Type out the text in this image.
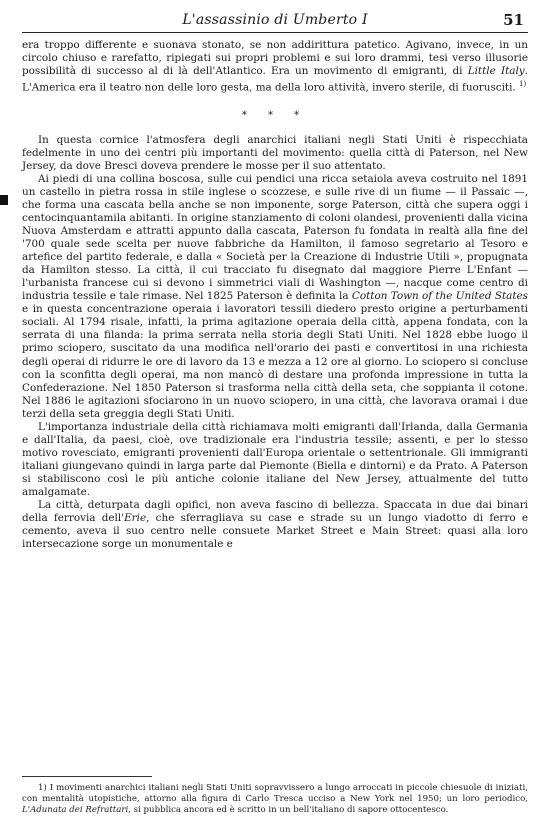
L'assassinio di Umberto I	51

era troppo differente e suonava stonato, se non addirittura patetico. Agivano, invece, in un circolo chiuso e rarefatto, ripiegati sui propri problemi e sui loro drammi, tesi verso illusorie possibilità di successo al di là dell'Atlantico. Era un movimento di emigranti, di Little Italy. L'America era il teatro non delle loro gesta, ma della loro attività, invero sterile, di fuorusciti. $^{1)}$

* * *

In questa cornice l'atmosfera degli anarchici italiani negli Stati Uniti è rispecchiata fedelmente in uno dei centri più importanti del movimento: quella città di Paterson, nel New Jersey, da dove Bresci doveva prendere le mosse per il suo attentato.

Ai piedi di una collina boscosa, sulle cui pendici una ricca setaiola aveva costruito nel 1891 un castello in pietra rossa in stile inglese o scozzese, e sulle rive di un fiume — il Passaic —, che forma una cascata bella anche se non imponente, sorge Paterson, città che supera oggi i centocinquantamila abitanti. In origine stanziamento di coloni olandesi, provenienti dalla vicina Nuova Amsterdam e attratti appunto dalla cascata, Paterson fu fondata in realtà alla fine del '700 quale sede scelta per nuove fabbriche da Hamilton, il famoso segretario al Tesoro e artefice del partito federale, e dalla « Società per la Creazione di Industrie Utili », propugnata da Hamilton stesso. La città, il cui tracciato fu disegnato dal maggiore Pierre L'Enfant — l'urbanista francese cui si devono i simmetrici viali di Washington —, nacque come centro di industria tessile e tale rimase. Nel 1825 Paterson è definita la Cotton Town of the United States e in questa concentrazione operaia i lavoratori tessili diedero presto origine a perturbamenti sociali. Al 1794 risale, infatti, la prima agitazione operaia della città, appena fondata, con la serrata di una filanda: la prima serrata nella storia degli Stati Uniti. Nel 1828 ebbe luogo il primo sciopero, suscitato da una modifica nell'orario dei pasti e convertitosi in una richiesta degli operai di ridurre le ore di lavoro da 13 e mezza a 12 ore al giorno. Lo sciopero si concluse con la sconfitta degli operai, ma non mancò di destare una profonda impressione in tutta la Confederazione. Nel 1850 Paterson si trasforma nella città della seta, che soppianta il cotone. Nel 1886 le agitazioni sfociarono in un nuovo sciopero, in una città, che lavorava oramai i due terzi della seta greggia degli Stati Uniti.

L'importanza industriale della città richiamava molti emigranti dall'Irlanda, dalla Germania e dall'Italia, da paesi, cioè, ove tradizionale era l'industria tessile; assenti, e per lo stesso motivo rovesciato, emigranti provenienti dall'Europa orientale o settentrionale. Gli immigranti italiani giungevano quindi in larga parte dal Piemonte (Biella e dintorni) e da Prato. A Paterson si stabiliscono così le più antiche colonie italiane del New Jersey, attualmente del tutto amalgamate.

La città, deturpata dagli opifici, non aveva fascino di bellezza. Spaccata in due dai binari della ferrovia dell'Erie, che sferragliava su case e strade su un lungo viadotto di ferro e cemento, aveva il suo centro nelle consuete Market Street e Main Street: quasi alla loro intersecazione sorge un monumentale e

1) I movimenti anarchici italiani negli Stati Uniti sopravvissero a lungo arroccati in piccole chiesuole di iniziati, con mentalità utopistiche, attorno alla figura di Carlo Tresca ucciso a New York nel 1950; un loro periodico, L'Adunata dei Refrattari, si pubblica ancora ed è scritto in un bell'italiano di sapore ottocentesco.
